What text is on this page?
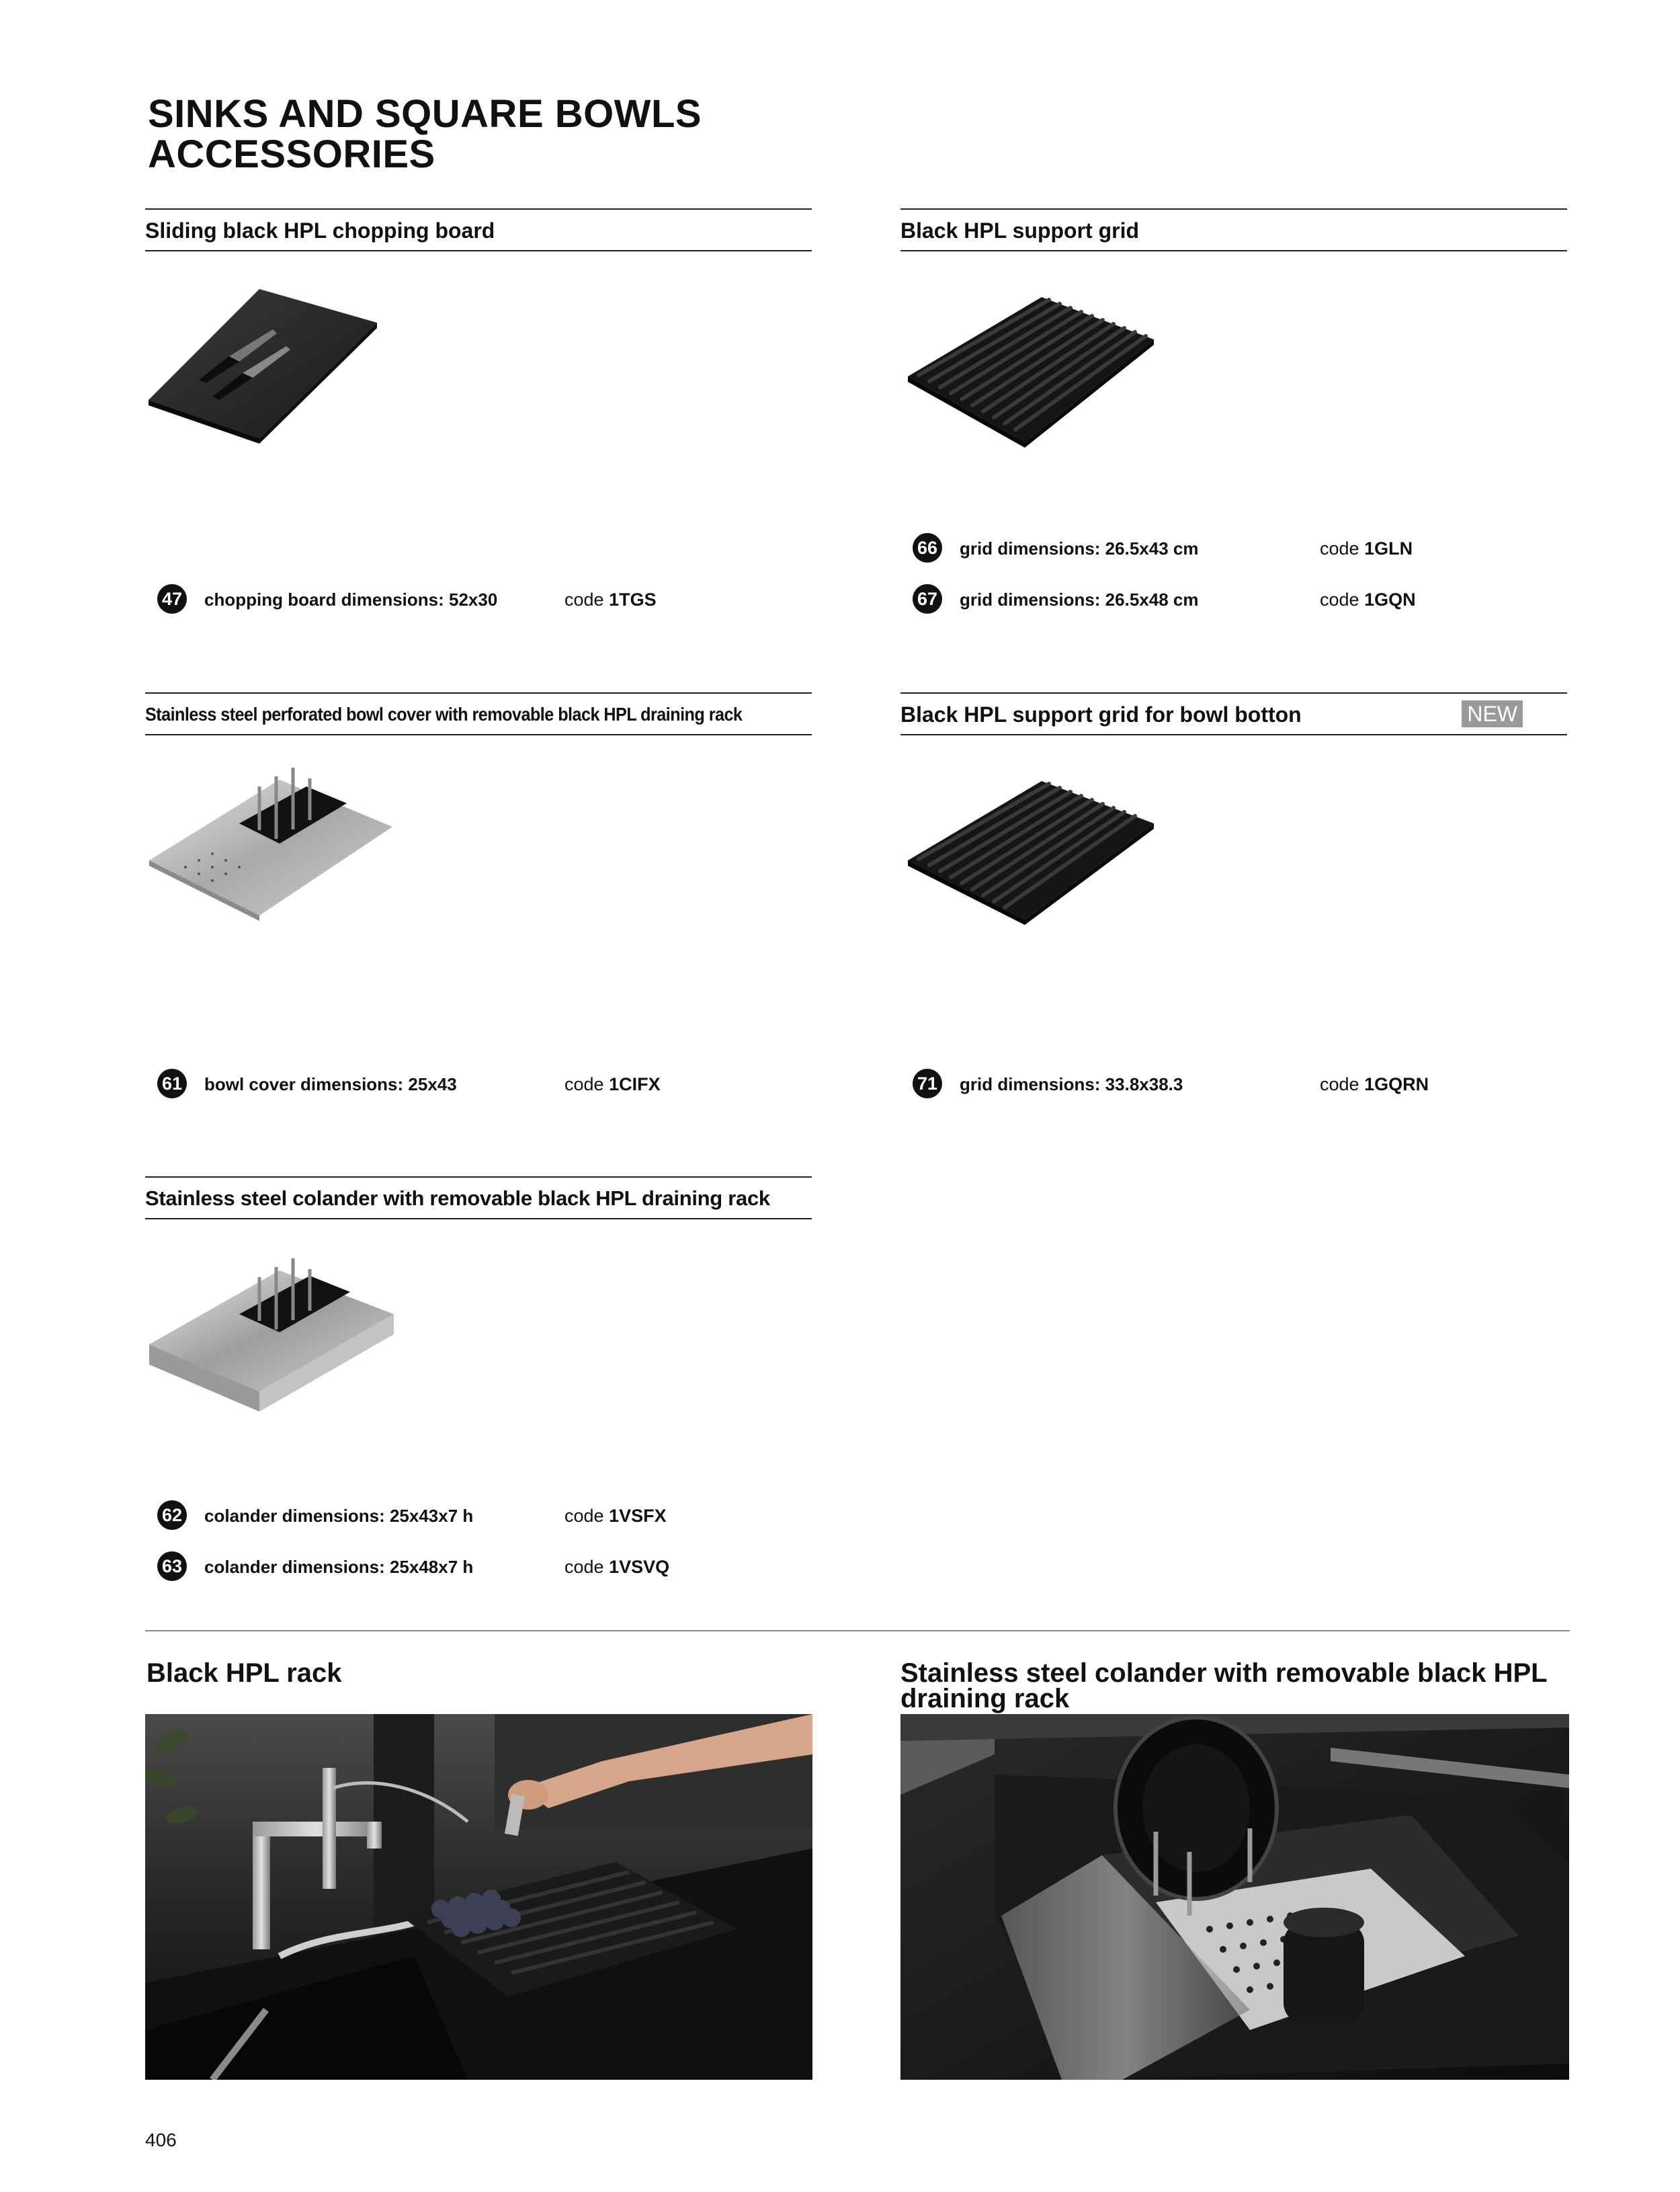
SINKS AND SQUARE BOWLS
ACCESSORIES
Sliding black HPL chopping board
47 chopping board dimensions: 52x30	code 1TGS
Black HPL support grid
66 grid dimensions: 26.5x43 cm	code 1GLN
67 grid dimensions: 26.5x48 cm	code 1GQN
Stainless steel perforated bowl cover with removable black HPL draining rack
61 bowl cover dimensions: 25x43	code 1CIFX
Black HPL support grid for bowl botton	NEW
71 grid dimensions: 33.8x38.3	code 1GQRN
Stainless steel colander with removable black HPL draining rack
62 colander dimensions: 25x43x7 h	code 1VSFX
63 colander dimensions: 25x48x7 h	code 1VSVQ
Black HPL rack	Stainless steel colander with removable black HPL
draining rack
406
